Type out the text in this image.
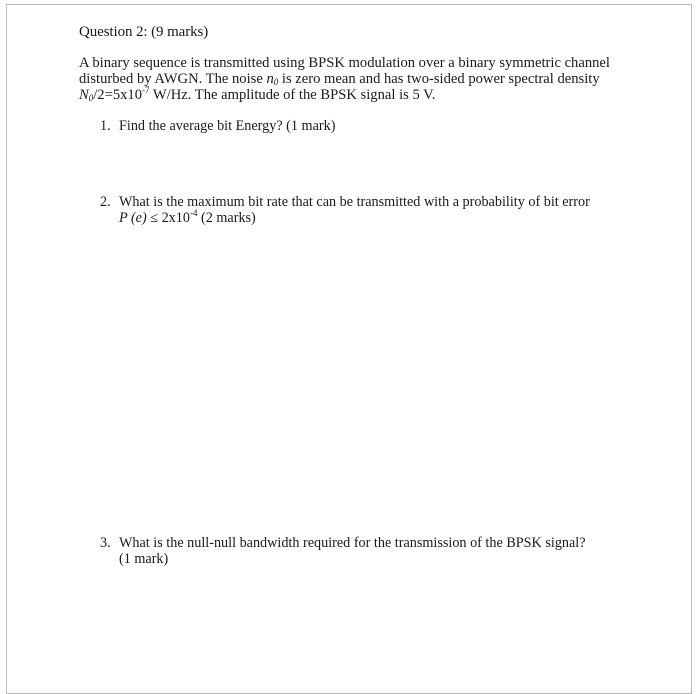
Question 2: (9 marks)
A binary sequence is transmitted using BPSK modulation over a binary symmetric channel
disturbed by AWGN. The noise $n_0$ is zero mean and has two-sided power spectral density
$N_0/2=5x10^{-7}$ W/Hz. The amplitude of the BPSK signal is 5 V.
1. Find the average bit Energy? (1 mark)
2. What is the maximum bit rate that can be transmitted with a probability of bit error
P $(e) \le 2x10^{-4}$ (2 marks)
3. What is the null-null bandwidth required for the transmission of the BPSK signal?
(1 mark)
